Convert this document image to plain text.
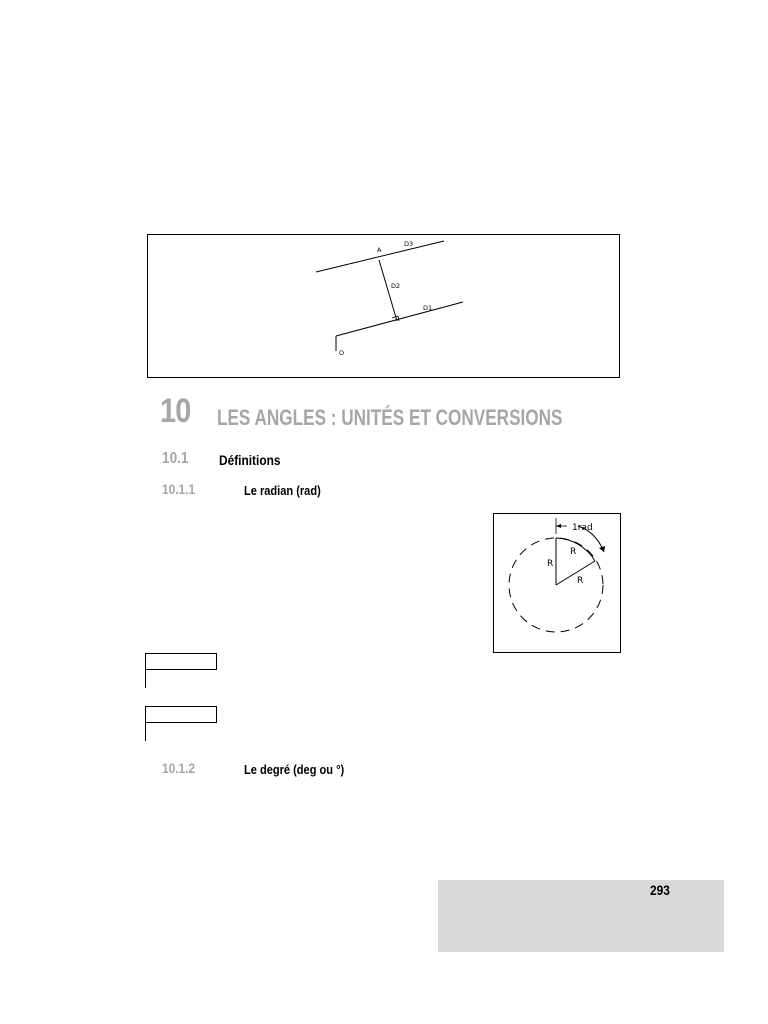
A
D3
D2
D1
O
10 LES ANGLES : UNITÉS ET CONVERSIONS
10.1 Définitions
10.1.1	Le radian (rad)
1rad
R
R
R
10.1.2	Le degré (deg ou °)
293
